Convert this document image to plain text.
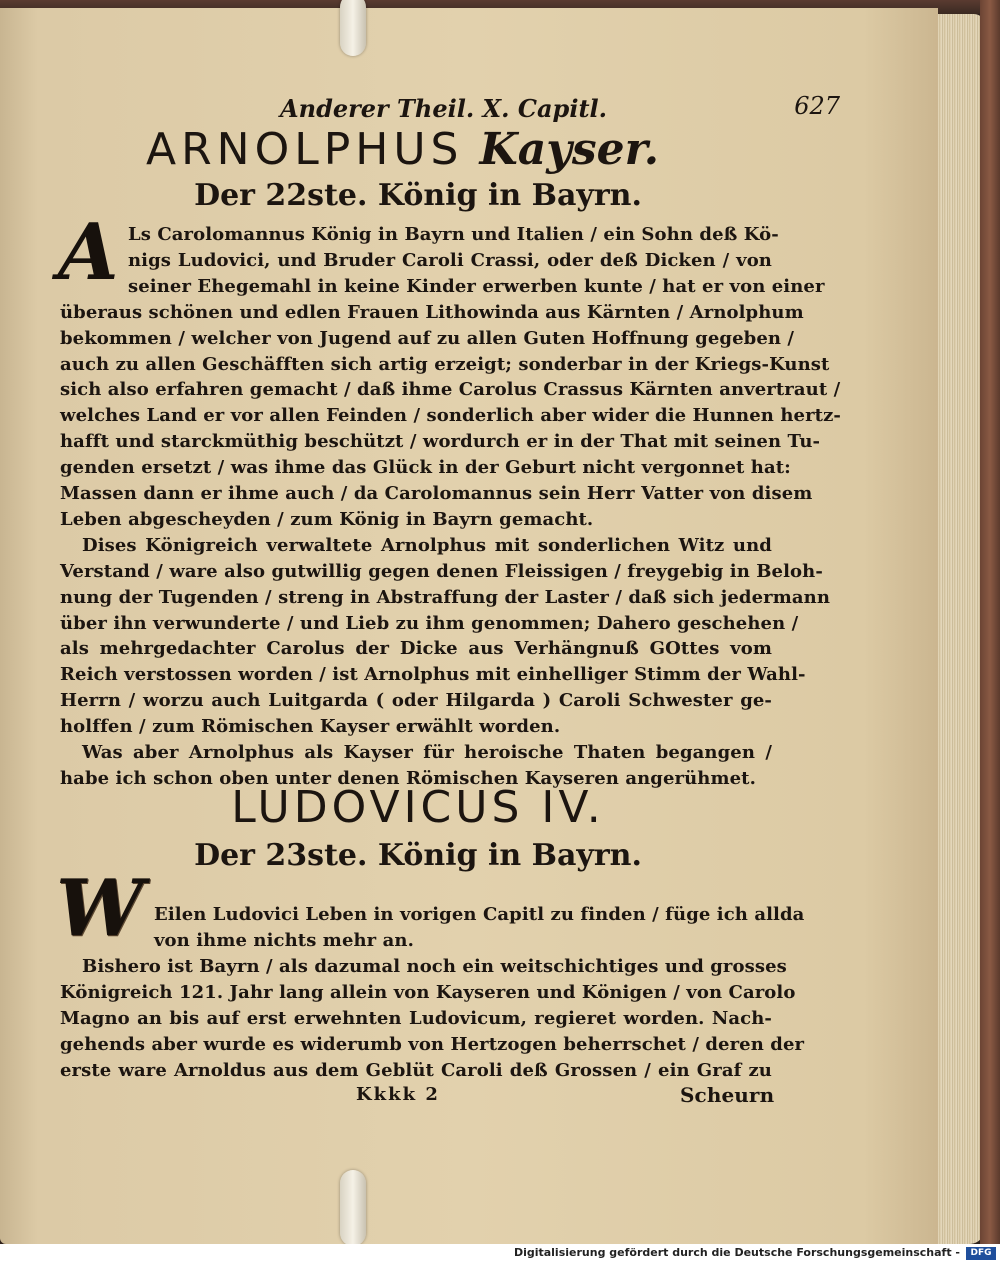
Anderer Theil. X. Capitl.	627
ARNOLPHUS Kayser.
Der 22ste. König in Bayrn.
A Ls Carolomannus König in Bayrn und Italien / ein Sohn deß Kö-
nigs Ludovici, und Bruder Caroli Crassi, oder deß Dicken / von
seiner Ehegemahl in keine Kinder erwerben kunte / hat er von einer
überaus schönen und edlen Frauen Lithowinda aus Kärnten / Arnolphum
bekommen / welcher von Jugend auf zu allen Guten Hoffnung gegeben /
auch zu allen Geschäfften sich artig erzeigt; sonderbar in der Kriegs-Kunst
sich also erfahren gemacht / daß ihme Carolus Crassus Kärnten anvertraut /
welches Land er vor allen Feinden / sonderlich aber wider die Hunnen hertz-
hafft und starckmüthig beschützt / wordurch er in der That mit seinen Tu-
genden ersetzt / was ihme das Glück in der Geburt nicht vergonnet hat:
Massen dann er ihme auch / da Carolomannus sein Herr Vatter von disem
Leben abgescheyden / zum König in Bayrn gemacht.
Dises Königreich verwaltete Arnolphus mit sonderlichen Witz und
Verstand / ware also gutwillig gegen denen Fleissigen / freygebig in Beloh-
nung der Tugenden / streng in Abstraffung der Laster / daß sich jedermann
über ihn verwunderte / und Lieb zu ihm genommen; Dahero geschehen /
als mehrgedachter Carolus der Dicke aus Verhängnuß GOttes vom
Reich verstossen worden / ist Arnolphus mit einhelliger Stimm der Wahl-
Herrn / worzu auch Luitgarda ( oder Hilgarda ) Caroli Schwester ge-
holffen / zum Römischen Kayser erwählt worden.
Was aber Arnolphus als Kayser für heroische Thaten begangen /
habe ich schon oben unter denen Römischen Kayseren angerühmet.
LUDOVICUS IV.
Der 23ste. König in Bayrn.
W Eilen Ludovici Leben in vorigen Capitl zu finden / füge ich allda
von ihme nichts mehr an.
Bishero ist Bayrn / als dazumal noch ein weitschichtiges und grosses
Königreich 121. Jahr lang allein von Kayseren und Königen / von Carolo
Magno an bis auf erst erwehnten Ludovicum, regieret worden. Nach-
gehends aber wurde es widerumb von Hertzogen beherrschet / deren der
erste ware Arnoldus aus dem Geblüt Caroli deß Grossen / ein Graf zu
Kkkk 2	Scheurn
Digitalisierung gefördert durch die Deutsche Forschungsgemeinschaft -	DFG
